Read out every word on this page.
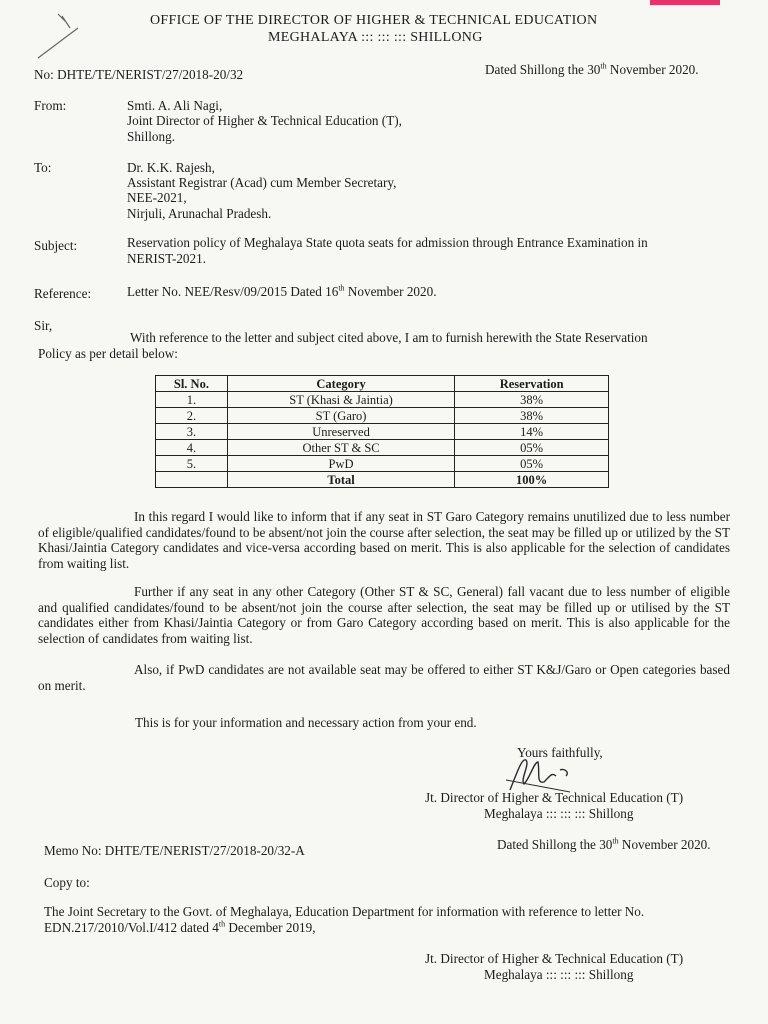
OFFICE OF THE DIRECTOR OF HIGHER & TECHNICAL EDUCATION
MEGHALAYA ::: ::: ::: SHILLONG
No: DHTE/TE/NERIST/27/2018-20/32	Dated Shillong the 30th November 2020.
From:	Smti. A. Ali Nagi,
Joint Director of Higher & Technical Education (T),
Shillong.
To:	Dr. K.K. Rajesh,
Assistant Registrar (Acad) cum Member Secretary,
NEE-2021,
Nirjuli, Arunachal Pradesh.
Subject:	Reservation policy of Meghalaya State quota seats for admission through Entrance Examination in
NERIST-2021.
Reference:	Letter No. NEE/Resv/09/2015 Dated 16th November 2020.
Sir,
With reference to the letter and subject cited above, I am to furnish herewith the State Reservation
Policy as per detail below:
Sl. No.	Category	Reservation
1.	ST (Khasi & Jaintia)	38%
2.	ST (Garo)	38%
3.	Unreserved	14%
4.	Other ST & SC	05%
5.	PwD	05%
	Total	100%
In this regard I would like to inform that if any seat in ST Garo Category remains unutilized due to less number of eligible/qualified candidates/found to be absent/not join the course after selection, the seat may be filled up or utilized by the ST Khasi/Jaintia Category candidates and vice-versa according based on merit. This is also applicable for the selection of candidates from waiting list.
Further if any seat in any other Category (Other ST & SC, General) fall vacant due to less number of eligible and qualified candidates/found to be absent/not join the course after selection, the seat may be filled up or utilised by the ST candidates either from Khasi/Jaintia Category or from Garo Category according based on merit. This is also applicable for the selection of candidates from waiting list.
Also, if PwD candidates are not available seat may be offered to either ST K&J/Garo or Open categories based on merit.
This is for your information and necessary action from your end.
Yours faithfully,
Jt. Director of Higher & Technical Education (T)
Meghalaya ::: ::: ::: Shillong
Memo No: DHTE/TE/NERIST/27/2018-20/32-A	Dated Shillong the 30th November 2020.
Copy to:
The Joint Secretary to the Govt. of Meghalaya, Education Department for information with reference to letter No.
EDN.217/2010/Vol.I/412 dated 4th December 2019,
Jt. Director of Higher & Technical Education (T)
Meghalaya ::: ::: ::: Shillong
